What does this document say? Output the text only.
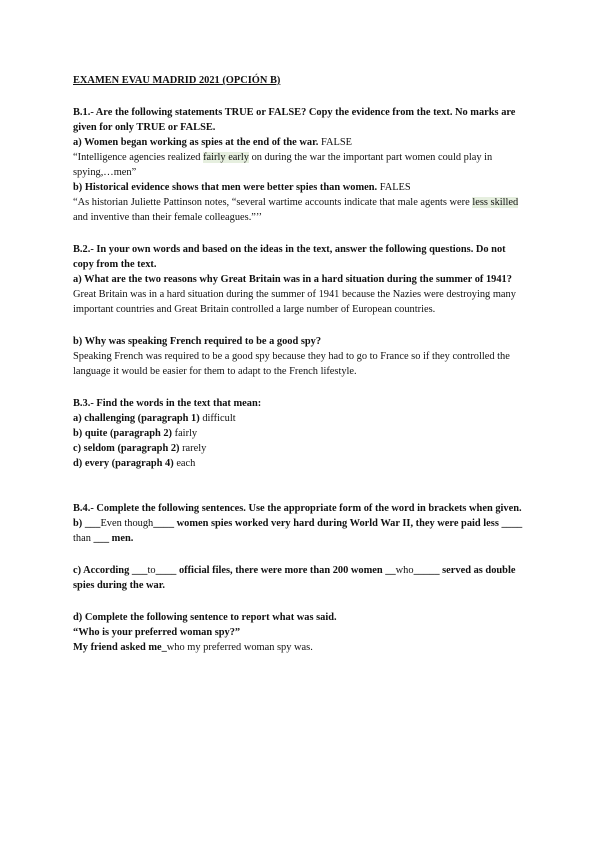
EXAMEN EVAU MADRID 2021 (OPCIÓN B)

B.1.- Are the following statements TRUE or FALSE? Copy the evidence from the text. No marks are given for only TRUE or FALSE.

a) Women began working as spies at the end of the war. FALSE

“Intelligence agencies realized fairly early on during the war the important part women could play in spying,…men”

b) Historical evidence shows that men were better spies than women. FALES

“As historian Juliette Pattinson notes, “several wartime accounts indicate that male agents were less skilled and inventive than their female colleagues.”’’

B.2.- In your own words and based on the ideas in the text, answer the following questions. Do not copy from the text.

a) What are the two reasons why Great Britain was in a hard situation during the summer of 1941? Great Britain was in a hard situation during the summer of 1941 because the Nazies were destroying many important countries and Great Britain controlled a large number of European countries.

b) Why was speaking French required to be a good spy?

Speaking French was required to be a good spy because they had to go to France so if they controlled the language it would be easier for them to adapt to the French lifestyle.

B.3.- Find the words in the text that mean:

a) challenging (paragraph 1) difficult

b) quite (paragraph 2) fairly

c) seldom (paragraph 2) rarely

d) every (paragraph 4) each

B.4.- Complete the following sentences. Use the appropriate form of the word in brackets when given.

b) ___Even though____ women spies worked very hard during World War II, they were paid less ____ than ___ men.

c) According ___to____ official files, there were more than 200 women __who_____ served as double spies during the war.

d) Complete the following sentence to report what was said.

“Who is your preferred woman spy?”

My friend asked me_who my preferred woman spy was.
